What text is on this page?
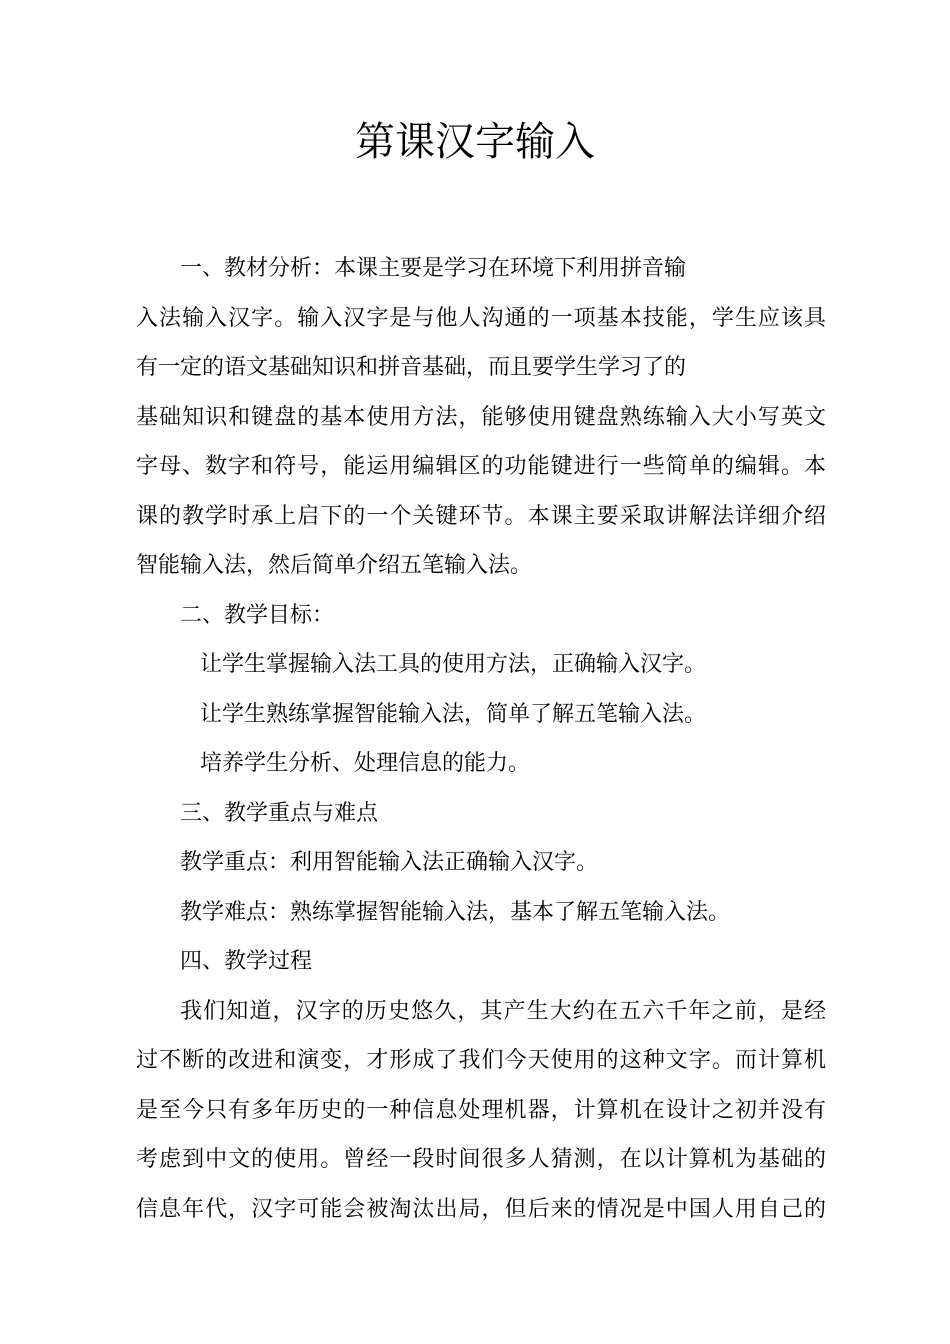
第课汉字输入
一、教材分析：本课主要是学习在环境下利用拼音输
入法输入汉字。输入汉字是与他人沟通的一项基本技能，学生应该具
有一定的语文基础知识和拼音基础，而且要学生学习了的
基础知识和键盘的基本使用方法，能够使用键盘熟练输入大小写英文
字母、数字和符号，能运用编辑区的功能键进行一些简单的编辑。本
课的教学时承上启下的一个关键环节。本课主要采取讲解法详细介绍
智能输入法，然后简单介绍五笔输入法。
二、教学目标：
让学生掌握输入法工具的使用方法，正确输入汉字。
让学生熟练掌握智能输入法，简单了解五笔输入法。
培养学生分析、处理信息的能力。
三、教学重点与难点
教学重点：利用智能输入法正确输入汉字。
教学难点：熟练掌握智能输入法，基本了解五笔输入法。
四、教学过程
我们知道，汉字的历史悠久，其产生大约在五六千年之前，是经
过不断的改进和演变，才形成了我们今天使用的这种文字。而计算机
是至今只有多年历史的一种信息处理机器，计算机在设计之初并没有
考虑到中文的使用。曾经一段时间很多人猜测，在以计算机为基础的
信息年代，汉字可能会被淘汰出局，但后来的情况是中国人用自己的
